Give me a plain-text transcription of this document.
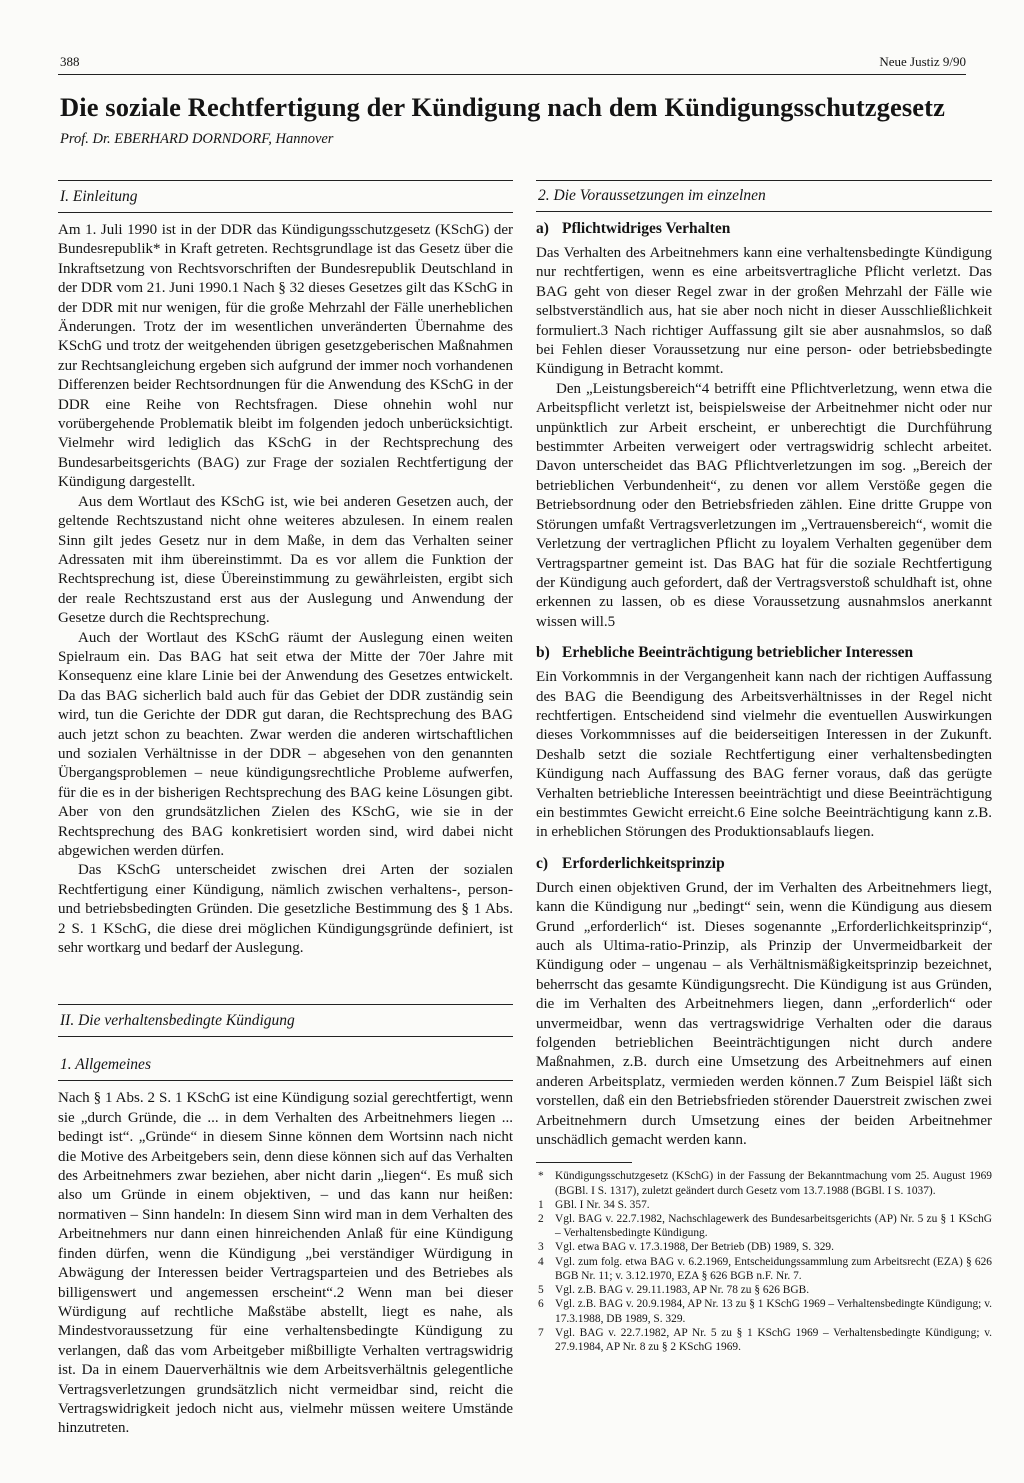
388	Neue Justiz 9/90
Die soziale Rechtfertigung der Kündigung nach dem Kündigungsschutzgesetz
Prof. Dr. EBERHARD DORNDORF, Hannover
I. Einleitung

Am 1. Juli 1990 ist in der DDR das Kündigungsschutzgesetz (KSchG) der Bundesrepublik* in Kraft getreten. Rechtsgrundlage ist das Gesetz über die Inkraftsetzung von Rechtsvorschriften der Bundesrepublik Deutschland in der DDR vom 21. Juni 1990.1 Nach § 32 dieses Gesetzes gilt das KSchG in der DDR mit nur wenigen, für die große Mehrzahl der Fälle unerheblichen Änderungen. Trotz der im wesentlichen unveränderten Übernahme des KSchG und trotz der weitgehenden übrigen gesetzgeberischen Maßnahmen zur Rechtsangleichung ergeben sich aufgrund der immer noch vorhandenen Differenzen beider Rechtsordnungen für die Anwendung des KSchG in der DDR eine Reihe von Rechtsfragen. Diese ohnehin wohl nur vorübergehende Problematik bleibt im folgenden jedoch unberücksichtigt. Vielmehr wird lediglich das KSchG in der Rechtsprechung des Bundesarbeitsgerichts (BAG) zur Frage der sozialen Rechtfertigung der Kündigung dargestellt.

Aus dem Wortlaut des KSchG ist, wie bei anderen Gesetzen auch, der geltende Rechtszustand nicht ohne weiteres abzulesen. In einem realen Sinn gilt jedes Gesetz nur in dem Maße, in dem das Verhalten seiner Adressaten mit ihm übereinstimmt. Da es vor allem die Funktion der Rechtsprechung ist, diese Übereinstimmung zu gewährleisten, ergibt sich der reale Rechtszustand erst aus der Auslegung und Anwendung der Gesetze durch die Rechtsprechung.

Auch der Wortlaut des KSchG räumt der Auslegung einen weiten Spielraum ein. Das BAG hat seit etwa der Mitte der 70er Jahre mit Konsequenz eine klare Linie bei der Anwendung des Gesetzes entwickelt. Da das BAG sicherlich bald auch für das Gebiet der DDR zuständig sein wird, tun die Gerichte der DDR gut daran, die Rechtsprechung des BAG auch jetzt schon zu beachten. Zwar werden die anderen wirtschaftlichen und sozialen Verhältnisse in der DDR – abgesehen von den genannten Übergangsproblemen – neue kündigungsrechtliche Probleme aufwerfen, für die es in der bisherigen Rechtsprechung des BAG keine Lösungen gibt. Aber von den grundsätzlichen Zielen des KSchG, wie sie in der Rechtsprechung des BAG konkretisiert worden sind, wird dabei nicht abgewichen werden dürfen.

Das KSchG unterscheidet zwischen drei Arten der sozialen Rechtfertigung einer Kündigung, nämlich zwischen verhaltens-, person- und betriebsbedingten Gründen. Die gesetzliche Bestimmung des § 1 Abs. 2 S. 1 KSchG, die diese drei möglichen Kündigungsgründe definiert, ist sehr wortkarg und bedarf der Auslegung.

II. Die verhaltensbedingte Kündigung
1. Allgemeines

Nach § 1 Abs. 2 S. 1 KSchG ist eine Kündigung sozial gerechtfertigt, wenn sie „durch Gründe, die ... in dem Verhalten des Arbeitnehmers liegen ... bedingt ist“. „Gründe“ in diesem Sinne können dem Wortsinn nach nicht die Motive des Arbeitgebers sein, denn diese können sich auf das Verhalten des Arbeitnehmers zwar beziehen, aber nicht darin „liegen“. Es muß sich also um Gründe in einem objektiven, – und das kann nur heißen: normativen – Sinn handeln: In diesem Sinn wird man in dem Verhalten des Arbeitnehmers nur dann einen hinreichenden Anlaß für eine Kündigung finden dürfen, wenn die Kündigung „bei verständiger Würdigung in Abwägung der Interessen beider Vertragsparteien und des Betriebes als billigenswert und angemessen erscheint“.2 Wenn man bei dieser Würdigung auf rechtliche Maßstäbe abstellt, liegt es nahe, als Mindestvoraussetzung für eine verhaltensbedingte Kündigung zu verlangen, daß das vom Arbeitgeber mißbilligte Verhalten vertragswidrig ist. Da in einem Dauerverhältnis wie dem Arbeitsverhältnis gelegentliche Vertragsverletzungen grundsätzlich nicht vermeidbar sind, reicht die Vertragswidrigkeit jedoch nicht aus, vielmehr müssen weitere Umstände hinzutreten.

2. Die Voraussetzungen im einzelnen
a) Pflichtwidriges Verhalten

Das Verhalten des Arbeitnehmers kann eine verhaltensbedingte Kündigung nur rechtfertigen, wenn es eine arbeitsvertragliche Pflicht verletzt. Das BAG geht von dieser Regel zwar in der großen Mehrzahl der Fälle wie selbstverständlich aus, hat sie aber noch nicht in dieser Ausschließlichkeit formuliert.3 Nach richtiger Auffassung gilt sie aber ausnahmslos, so daß bei Fehlen dieser Voraussetzung nur eine person- oder betriebsbedingte Kündigung in Betracht kommt.

Den „Leistungsbereich“4 betrifft eine Pflichtverletzung, wenn etwa die Arbeitspflicht verletzt ist, beispielsweise der Arbeitnehmer nicht oder nur unpünktlich zur Arbeit erscheint, er unberechtigt die Durchführung bestimmter Arbeiten verweigert oder vertragswidrig schlecht arbeitet. Davon unterscheidet das BAG Pflichtverletzungen im sog. „Bereich der betrieblichen Verbundenheit“, zu denen vor allem Verstöße gegen die Betriebsordnung oder den Betriebsfrieden zählen. Eine dritte Gruppe von Störungen umfaßt Vertragsverletzungen im „Vertrauensbereich“, womit die Verletzung der vertraglichen Pflicht zu loyalem Verhalten gegenüber dem Vertragspartner gemeint ist. Das BAG hat für die soziale Rechtfertigung der Kündigung auch gefordert, daß der Vertragsverstoß schuldhaft ist, ohne erkennen zu lassen, ob es diese Voraussetzung ausnahmslos anerkannt wissen will.5

b) Erhebliche Beeinträchtigung betrieblicher Interessen

Ein Vorkommnis in der Vergangenheit kann nach der richtigen Auffassung des BAG die Beendigung des Arbeitsverhältnisses in der Regel nicht rechtfertigen. Entscheidend sind vielmehr die eventuellen Auswirkungen dieses Vorkommnisses auf die beiderseitigen Interessen in der Zukunft. Deshalb setzt die soziale Rechtfertigung einer verhaltensbedingten Kündigung nach Auffassung des BAG ferner voraus, daß das gerügte Verhalten betriebliche Interessen beeinträchtigt und diese Beeinträchtigung ein bestimmtes Gewicht erreicht.6 Eine solche Beeinträchtigung kann z.B. in erheblichen Störungen des Produktionsablaufs liegen.

c) Erforderlichkeitsprinzip

Durch einen objektiven Grund, der im Verhalten des Arbeitnehmers liegt, kann die Kündigung nur „bedingt“ sein, wenn die Kündigung aus diesem Grund „erforderlich“ ist. Dieses sogenannte „Erforderlichkeitsprinzip“, auch als Ultima-ratio-Prinzip, als Prinzip der Unvermeidbarkeit der Kündigung oder – ungenau – als Verhältnismäßigkeitsprinzip bezeichnet, beherrscht das gesamte Kündigungsrecht. Die Kündigung ist aus Gründen, die im Verhalten des Arbeitnehmers liegen, dann „erforderlich“ oder unvermeidbar, wenn das vertragswidrige Verhalten oder die daraus folgenden betrieblichen Beeinträchtigungen nicht durch andere Maßnahmen, z.B. durch eine Umsetzung des Arbeitnehmers auf einen anderen Arbeitsplatz, vermieden werden können.7 Zum Beispiel läßt sich vorstellen, daß ein den Betriebsfrieden störender Dauerstreit zwischen zwei Arbeitnehmern durch Umsetzung eines der beiden Arbeitnehmer unschädlich gemacht werden kann.

* Kündigungsschutzgesetz (KSchG) in der Fassung der Bekanntmachung vom 25. August 1969 (BGBl. I S. 1317), zuletzt geändert durch Gesetz vom 13.7.1988 (BGBl. I S. 1037).
1 GBl. I Nr. 34 S. 357.
2 Vgl. BAG v. 22.7.1982, Nachschlagewerk des Bundesarbeitsgerichts (AP) Nr. 5 zu § 1 KSchG – Verhaltensbedingte Kündigung.
3 Vgl. etwa BAG v. 17.3.1988, Der Betrieb (DB) 1989, S. 329.
4 Vgl. zum folg. etwa BAG v. 6.2.1969, Entscheidungssammlung zum Arbeitsrecht (EZA) § 626 BGB Nr. 11; v. 3.12.1970, EZA § 626 BGB n.F. Nr. 7.
5 Vgl. z.B. BAG v. 29.11.1983, AP Nr. 78 zu § 626 BGB.
6 Vgl. z.B. BAG v. 20.9.1984, AP Nr. 13 zu § 1 KSchG 1969 – Verhaltensbedingte Kündigung; v. 17.3.1988, DB 1989, S. 329.
7 Vgl. BAG v. 22.7.1982, AP Nr. 5 zu § 1 KSchG 1969 – Verhaltensbedingte Kündigung; v. 27.9.1984, AP Nr. 8 zu § 2 KSchG 1969.
